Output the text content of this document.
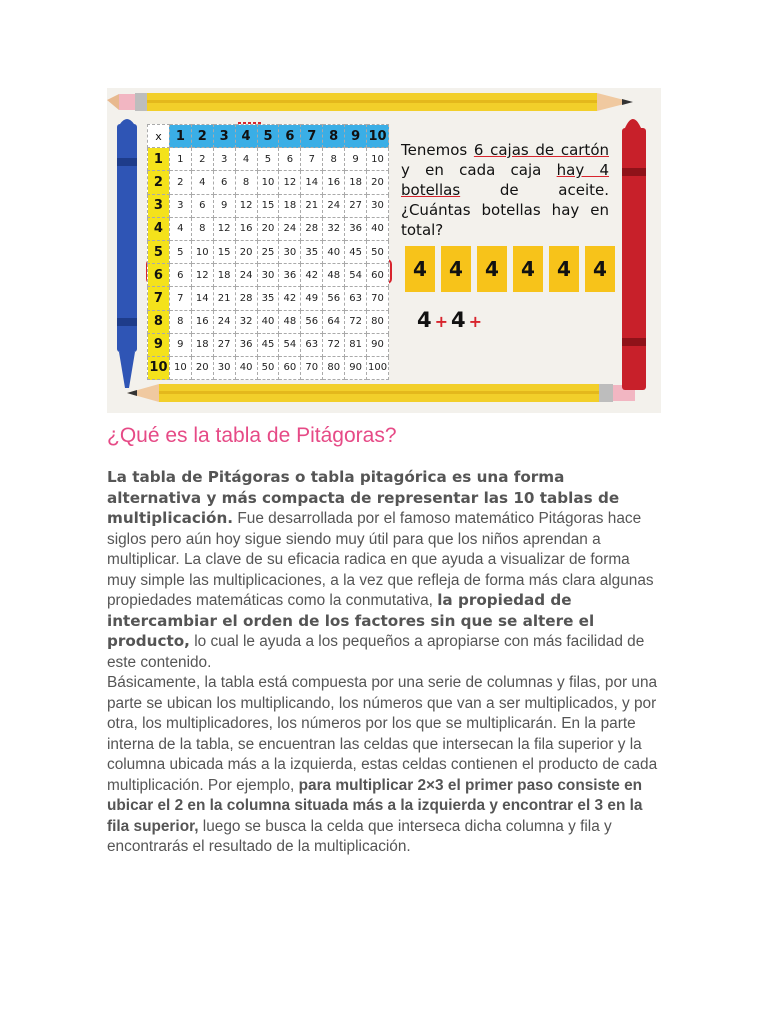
x	1	2	3	4	5	6	7	8	9	10
1	1	2	3	4	5	6	7	8	9	10
2	2	4	6	8	10	12	14	16	18	20
3	3	6	9	12	15	18	21	24	27	30
4	4	8	12	16	20	24	28	32	36	40
5	5	10	15	20	25	30	35	40	45	50
6	6	12	18	24	30	36	42	48	54	60
7	7	14	21	28	35	42	49	56	63	70
8	8	16	24	32	40	48	56	64	72	80
9	9	18	27	36	45	54	63	72	81	90
10	10	20	30	40	50	60	70	80	90	100
Tenemos 6 cajas de cartón y en cada caja hay 4 botellas de aceite. ¿Cuántas botellas hay en total?
4	4	4	4	4	4
4 + 4 +
¿Qué es la tabla de Pitágoras?

La tabla de Pitágoras o tabla pitagórica es una forma alternativa y más compacta de representar las 10 tablas de multiplicación. Fue desarrollada por el famoso matemático Pitágoras hace siglos pero aún hoy sigue siendo muy útil para que los niños aprendan a multiplicar. La clave de su eficacia radica en que ayuda a visualizar de forma muy simple las multiplicaciones, a la vez que refleja de forma más clara algunas propiedades matemáticas como la conmutativa, la propiedad de intercambiar el orden de los factores sin que se altere el producto, lo cual le ayuda a los pequeños a apropiarse con más facilidad de este contenido.

Básicamente, la tabla está compuesta por una serie de columnas y filas, por una parte se ubican los multiplicando, los números que van a ser multiplicados, y por otra, los multiplicadores, los números por los que se multiplicarán. En la parte interna de la tabla, se encuentran las celdas que intersecan la fila superior y la columna ubicada más a la izquierda, estas celdas contienen el producto de cada multiplicación. Por ejemplo, para multiplicar 2×3 el primer paso consiste en ubicar el 2 en la columna situada más a la izquierda y encontrar el 3 en la fila superior, luego se busca la celda que interseca dicha columna y fila y encontrarás el resultado de la multiplicación.
